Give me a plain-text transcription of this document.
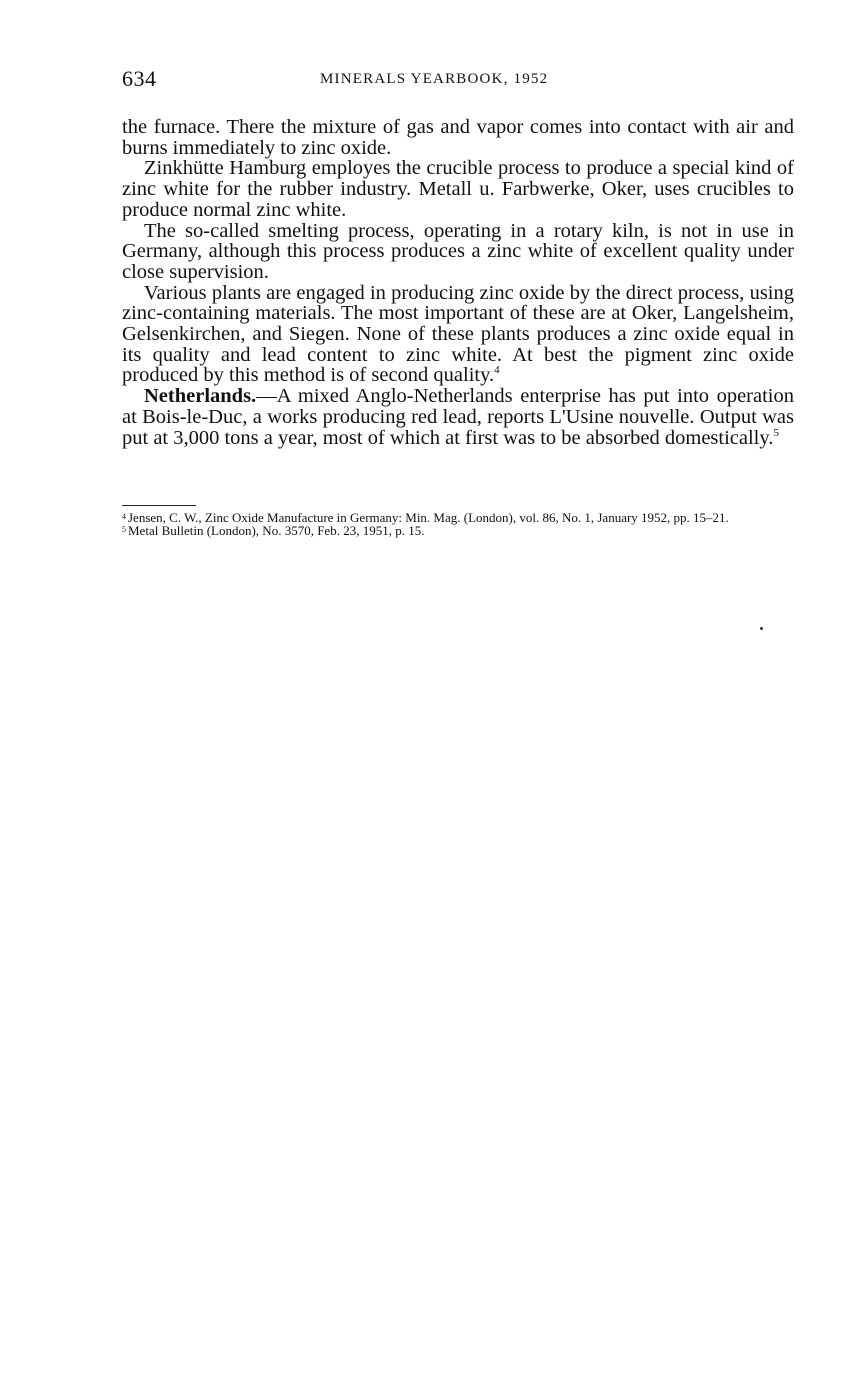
634	MINERALS YEARBOOK, 1952

the furnace. There the mixture of gas and vapor comes into contact with air and burns immediately to zinc oxide.

Zinkhütte Hamburg employes the crucible process to produce a special kind of zinc white for the rubber industry. Metall u. Farbwerke, Oker, uses crucibles to produce normal zinc white.

The so-called smelting process, operating in a rotary kiln, is not in use in Germany, although this process produces a zinc white of excellent quality under close supervision.

Various plants are engaged in producing zinc oxide by the direct process, using zinc-containing materials. The most important of these are at Oker, Langelsheim, Gelsenkirchen, and Siegen. None of these plants produces a zinc oxide equal in its quality and lead content to zinc white. At best the pigment zinc oxide produced by this method is of second quality.$^4$

Netherlands.—A mixed Anglo-Netherlands enterprise has put into operation at Bois-le-Duc, a works producing red lead, reports L'Usine nouvelle. Output was put at 3,000 tons a year, most of which at first was to be absorbed domestically.$^5$

$^4$ Jensen, C. W., Zinc Oxide Manufacture in Germany: Min. Mag. (London), vol. 86, No. 1, January 1952, pp. 15–21.

$^5$ Metal Bulletin (London), No. 3570, Feb. 23, 1951, p. 15.
